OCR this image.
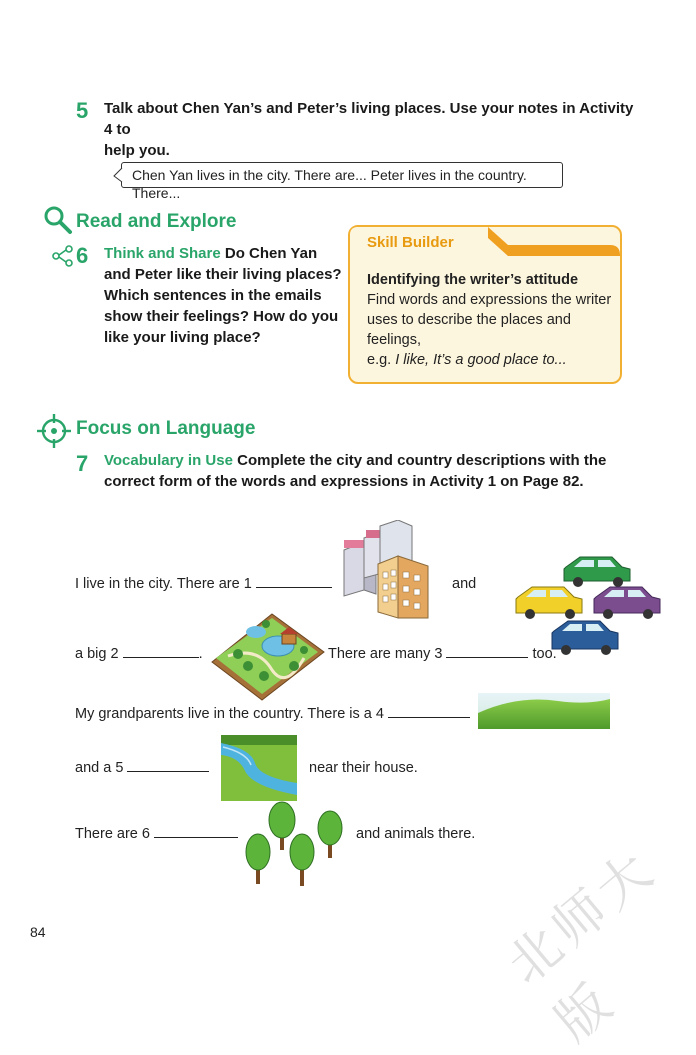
5 Talk about Chen Yan’s and Peter’s living places. Use your notes in Activity 4 to
help you.
Chen Yan lives in the city. There are... Peter lives in the country. There...
Read and Explore
6 Think and Share Do Chen Yan
and Peter like their living places?
Which sentences in the emails
show their feelings? How do you
like your living place?
Skill Builder
Identifying the writer’s attitude
Find words and expressions the writer
uses to describe the places and feelings,
e.g. I like, It’s a good place to...
Focus on Language
7 Vocabulary in Use Complete the city and country descriptions with the
correct form of the words and expressions in Activity 1 on Page 82.
I live in the city. There are 1	and
a big 2	.	There are many 3	too.
My grandparents live in the country. There is a 4
and a 5	near their house.
There are 6	and animals there.
84	北师大版
